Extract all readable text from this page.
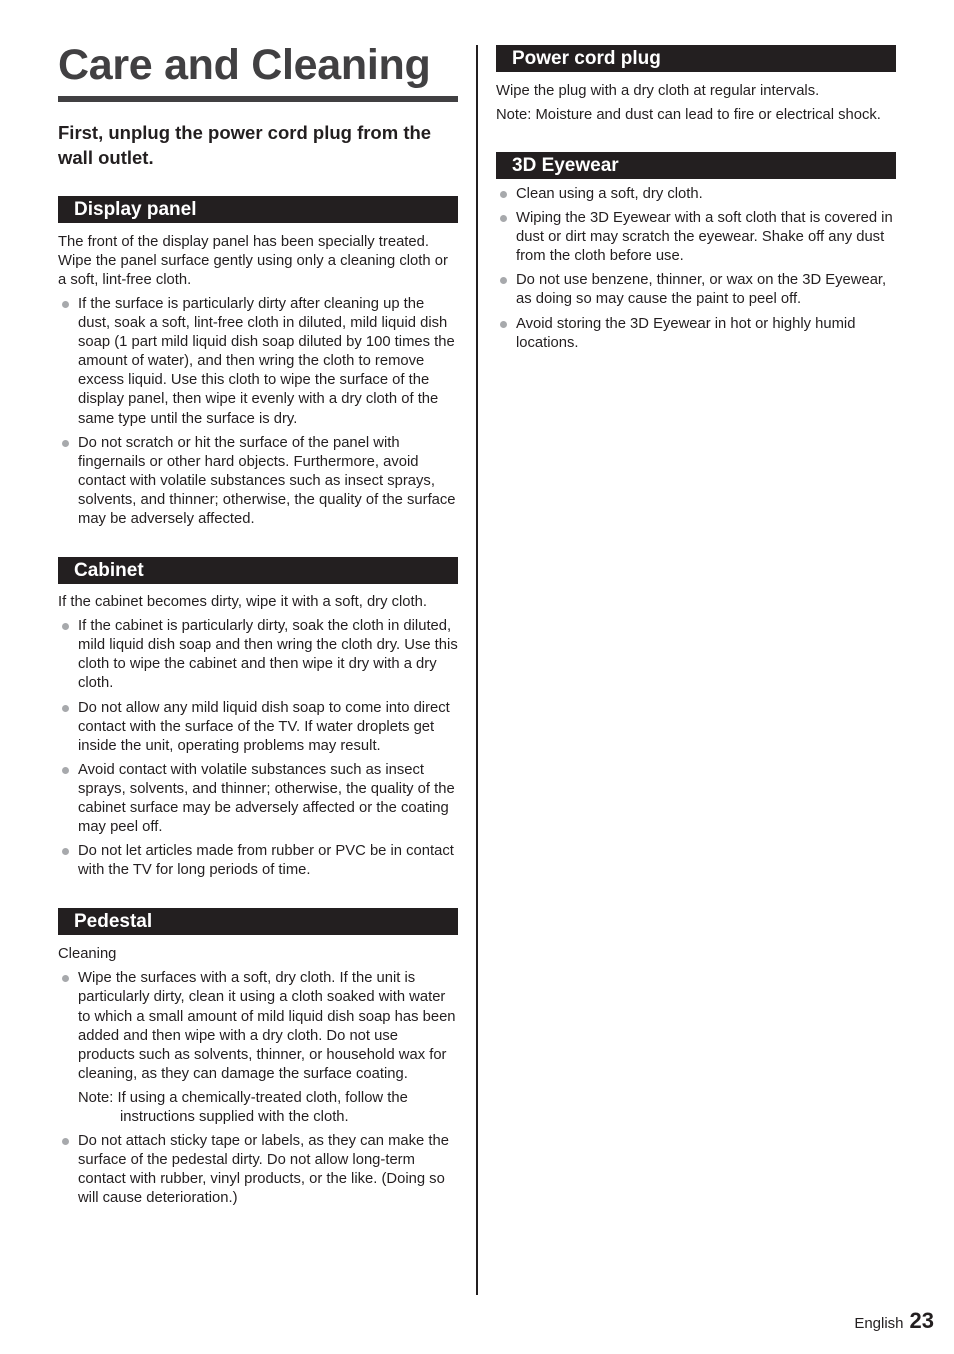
Care and Cleaning

First, unplug the power cord plug from the wall outlet.

Display panel

The front of the display panel has been specially treated. Wipe the panel surface gently using only a cleaning cloth or a soft, lint-free cloth.

If the surface is particularly dirty after cleaning up the dust, soak a soft, lint-free cloth in diluted, mild liquid dish soap (1 part mild liquid dish soap diluted by 100 times the amount of water), and then wring the cloth to remove excess liquid. Use this cloth to wipe the surface of the display panel, then wipe it evenly with a dry cloth of the same type until the surface is dry.
Do not scratch or hit the surface of the panel with fingernails or other hard objects. Furthermore, avoid contact with volatile substances such as insect sprays, solvents, and thinner; otherwise, the quality of the surface may be adversely affected.
Cabinet

If the cabinet becomes dirty, wipe it with a soft, dry cloth.

If the cabinet is particularly dirty, soak the cloth in diluted, mild liquid dish soap and then wring the cloth dry. Use this cloth to wipe the cabinet and then wipe it dry with a dry cloth.
Do not allow any mild liquid dish soap to come into direct contact with the surface of the TV. If water droplets get inside the unit, operating problems may result.
Avoid contact with volatile substances such as insect sprays, solvents, and thinner; otherwise, the quality of the cabinet surface may be adversely affected or the coating may peel off.
Do not let articles made from rubber or PVC be in contact with the TV for long periods of time.
Pedestal

Cleaning

Wipe the surfaces with a soft, dry cloth. If the unit is particularly dirty, clean it using a cloth soaked with water to which a small amount of mild liquid dish soap has been added and then wipe with a dry cloth. Do not use products such as solvents, thinner, or household wax for cleaning, as they can damage the surface coating.
Note: If using a chemically-treated cloth, follow the instructions supplied with the cloth.
Do not attach sticky tape or labels, as they can make the surface of the pedestal dirty. Do not allow long-term contact with rubber, vinyl products, or the like. (Doing so will cause deterioration.)
Power cord plug

Wipe the plug with a dry cloth at regular intervals.

Note: Moisture and dust can lead to fire or electrical shock.
3D Eyewear
Clean using a soft, dry cloth.
Wiping the 3D Eyewear with a soft cloth that is covered in dust or dirt may scratch the eyewear. Shake off any dust from the cloth before use.
Do not use benzene, thinner, or wax on the 3D Eyewear, as doing so may cause the paint to peel off.
Avoid storing the 3D Eyewear in hot or highly humid locations.
English 23
